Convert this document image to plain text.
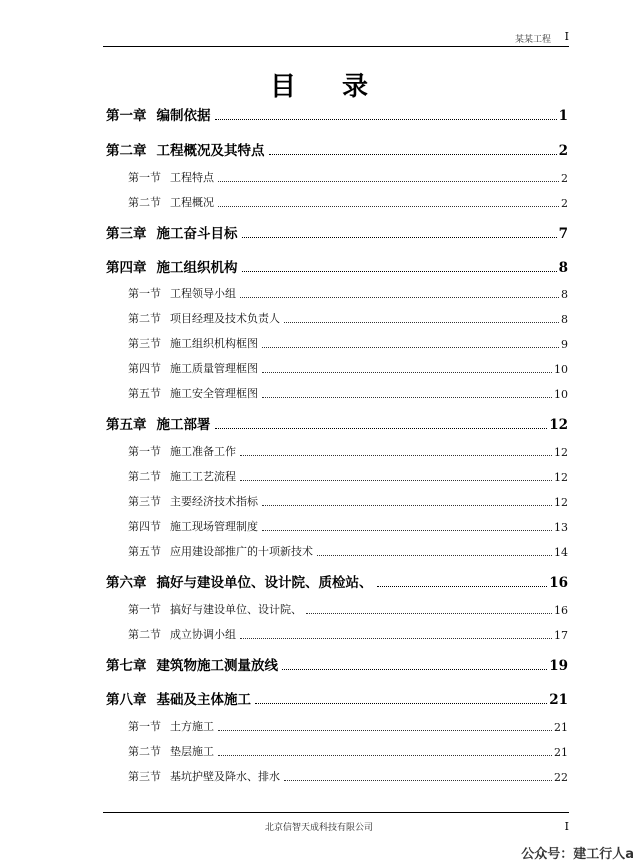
某某工程 I
目录
第一章 编制依据	1
第二章 工程概况及其特点	2
第一节 工程特点	2
第二节 工程概况	2
第三章 施工奋斗目标	7
第四章 施工组织机构	8
第一节 工程领导小组	8
第二节 项目经理及技术负责人	8
第三节 施工组织机构框图	9
第四节 施工质量管理框图	10
第五节 施工安全管理框图	10
第五章 施工部署	12
第一节 施工准备工作	12
第二节 施工工艺流程	12
第三节 主要经济技术指标	12
第四节 施工现场管理制度	13
第五节 应用建设部推广的十项新技术	14
第六章 搞好与建设单位、设计院、质检站、	16
第一节 搞好与建设单位、设计院、	16
第二节 成立协调小组	17
第七章 建筑物施工测量放线	19
第八章 基础及主体施工	21
第一节 土方施工	21
第二节 垫层施工	21
第三节 基坑护壁及降水、排水	22
北京信智天成科技有限公司	I
公众号：建工行人a
